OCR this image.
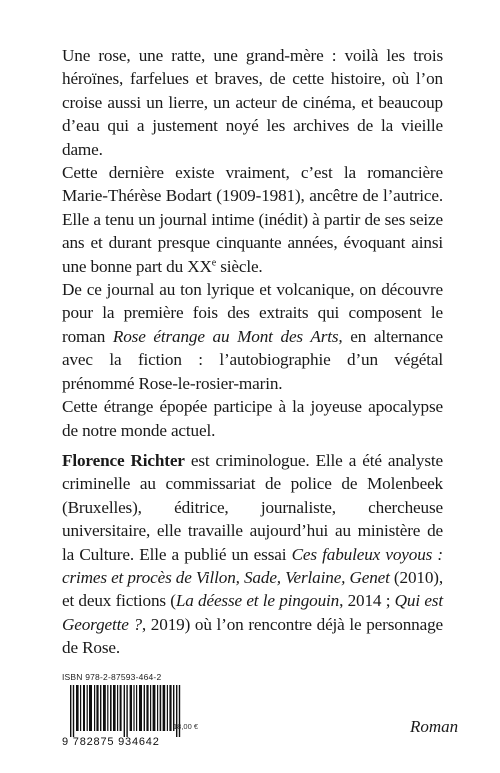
Une rose, une ratte, une grand-mère : voilà les trois héroïnes, farfelues et braves, de cette histoire, où l’on croise aussi un lierre, un acteur de cinéma, et beaucoup d’eau qui a justement noyé les archives de la vieille dame.

Cette dernière existe vraiment, c’est la romancière Marie-Thérèse Bodart (1909-1981), ancêtre de l’autrice. Elle a tenu un journal intime (inédit) à partir de ses seize ans et durant presque cinquante années, évoquant ainsi une bonne part du XXe siècle.

De ce journal au ton lyrique et volcanique, on découvre pour la première fois des extraits qui composent le roman Rose étrange au Mont des Arts, en alternance avec la fiction : l’autobiographie d’un végétal prénommé Rose-le-rosier-marin.

Cette étrange épopée participe à la joyeuse apocalypse de notre monde actuel.

Florence Richter est criminologue. Elle a été analyste criminelle au commissariat de police de Molenbeek (Bruxelles), éditrice, journaliste, chercheuse universitaire, elle travaille aujourd’hui au ministère de la Culture. Elle a publié un essai Ces fabuleux voyous : crimes et procès de Villon, Sade, Verlaine, Genet (2010), et deux fictions (La déesse et le pingouin, 2014 ; Qui est Georgette ?, 2019) où l’on rencontre déjà le personnage de Rose.

ISBN 978-2-87593-464-2
9 782875 934642
18,00 €	Roman
